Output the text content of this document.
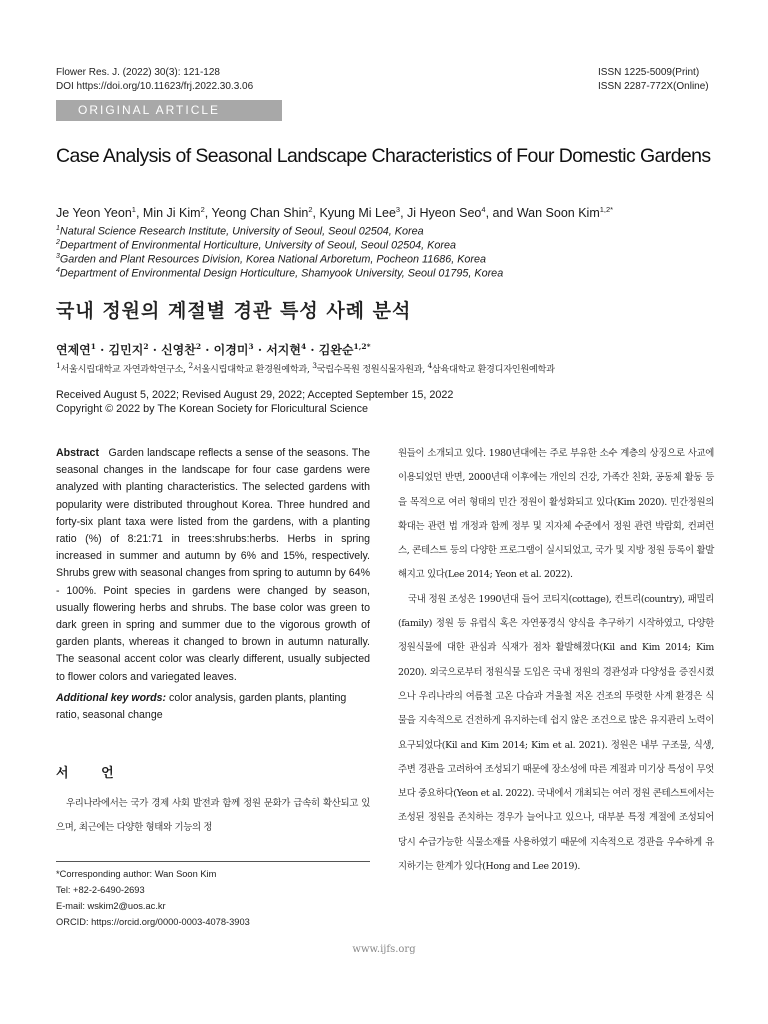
Flower Res. J. (2022) 30(3): 121-128
DOI https://doi.org/10.11623/frj.2022.30.3.06
ISSN 1225-5009(Print)
ISSN 2287-772X(Online)
ORIGINAL ARTICLE
Case Analysis of Seasonal Landscape Characteristics of Four Domestic Gardens
Je Yeon Yeon$^1$, Min Ji Kim$^2$, Yeong Chan Shin$^2$, Kyung Mi Lee$^3$, Ji Hyeon Seo$^4$, and Wan Soon Kim$^{1,2*}$
$^1$Natural Science Research Institute, University of Seoul, Seoul 02504, Korea
$^2$Department of Environmental Horticulture, University of Seoul, Seoul 02504, Korea
$^3$Garden and Plant Resources Division, Korea National Arboretum, Pocheon 11686, Korea
$^4$Department of Environmental Design Horticulture, Shamyook University, Seoul 01795, Korea
국내 정원의 계절별 경관 특성 사례 분석
연제연$^1$ · 김민지$^2$ · 신영찬$^2$ · 이경미$^3$ · 서지현$^4$ · 김완순$^{1,2*}$
$^1$서울시립대학교 자연과학연구소, $^2$서울시립대학교 환경원예학과, $^3$국립수목원 정원식물자원과, $^4$삼육대학교 환경디자인원예학과
Received August 5, 2022; Revised August 29, 2022; Accepted September 15, 2022
Copyright © 2022 by The Korean Society for Floricultural Science
Abstract Garden landscape reflects a sense of the seasons. The seasonal changes in the landscape for four case gardens were analyzed with planting characteristics. The selected gardens with popularity were distributed throughout Korea. Three hundred and forty-six plant taxa were listed from the gardens, with a planting ratio (%) of 8:21:71 in trees:shrubs:herbs. Herbs in spring increased in summer and autumn by 6% and 15%, respectively. Shrubs grew with seasonal changes from spring to autumn by 64% - 100%. Point species in gardens were changed by season, usually flowering herbs and shrubs. The base color was green to dark green in spring and summer due to the vigorous growth of garden plants, whereas it changed to brown in autumn naturally. The seasonal accent color was clearly different, usually subjected to flower colors and variegated leaves.
Additional key words: color analysis, garden plants, planting ratio, seasonal change
서 언
우리나라에서는 국가 경제 사회 발전과 함께 정원 문화가 급속히 확산되고 있으며, 최근에는 다양한 형태와 기능의 정
*Corresponding author: Wan Soon Kim
Tel: +82-2-6490-2693
E-mail: wskim2@uos.ac.kr
ORCID: https://orcid.org/0000-0003-4078-3903
원들이 소개되고 있다. 1980년대에는 주로 부유한 소수 계층의 상징으로 사교에 이용되었던 반면, 2000년대 이후에는 개인의 건강, 가족간 친화, 공동체 활동 등을 목적으로 여러 형태의 민간 정원이 활성화되고 있다(Kim 2020). 민간정원의 확대는 관련 법 개정과 함께 정부 및 지자체 수준에서 정원 관련 박람회, 컨퍼런스, 콘테스트 등의 다양한 프로그램이 실시되었고, 국가 및 지방 정원 등록이 활발해지고 있다(Lee 2014; Yeon et al. 2022).
국내 정원 조성은 1990년대 들어 코티지(cottage), 컨트리(country), 패밀리(family) 정원 등 유럽식 혹은 자연풍경식 양식을 추구하기 시작하였고, 다양한 정원식물에 대한 관심과 식재가 점차 활발해졌다(Kil and Kim 2014; Kim 2020). 외국으로부터 정원식물 도입은 국내 정원의 경관성과 다양성을 증진시켰으나 우리나라의 여름철 고온 다습과 겨울철 저온 건조의 뚜렷한 사계 환경은 식물을 지속적으로 건전하게 유지하는데 쉽지 않은 조건으로 많은 유지관리 노력이 요구되었다(Kil and Kim 2014; Kim et al. 2021). 정원은 내부 구조물, 식생, 주변 경관을 고려하여 조성되기 때문에 장소성에 따른 계절과 미기상 특성이 무엇보다 중요하다(Yeon et al. 2022). 국내에서 개최되는 여러 정원 콘테스트에서는 조성된 정원을 존치하는 경우가 늘어나고 있으나, 대부분 특정 계절에 조성되어 당시 수급가능한 식물소재를 사용하였기 때문에 지속적으로 경관을 우수하게 유지하기는 한계가 있다(Hong and Lee 2019).
www.ijfs.org
